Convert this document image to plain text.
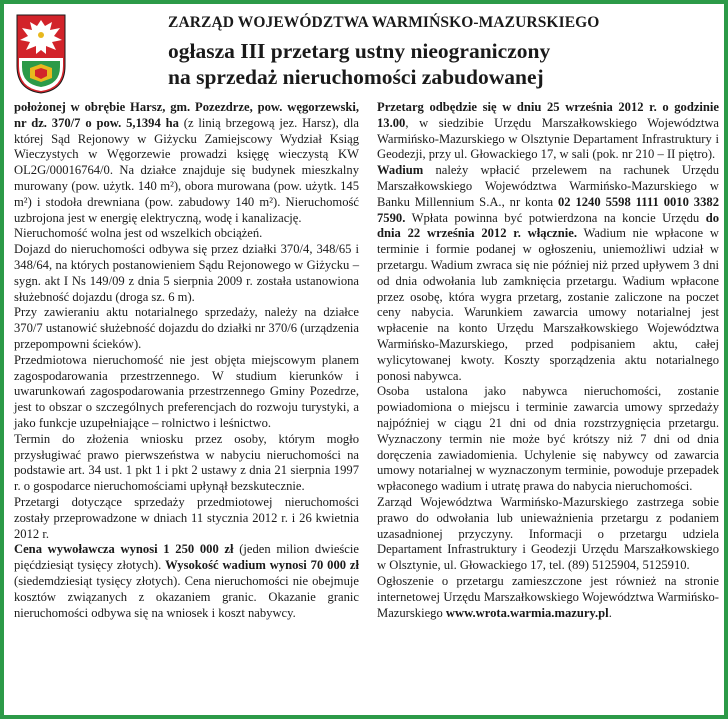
ZARZĄD WOJEWÓDZTWA WARMIŃSKO-MAZURSKIEGO
ogłasza III przetarg ustny nieograniczony
na sprzedaż nieruchomości zabudowanej

położonej w obrębie Harsz, gm. Pozezdrze, pow. węgorzewski, nr dz. 370/7 o pow. 5,1394 ha (z linią brzegową jez. Harsz), dla której Sąd Rejonowy w Giżycku Zamiejscowy Wydział Ksiąg Wieczystych w Węgorzewie prowadzi księgę wieczystą KW OL2G/00016764/0. Na działce znajduje się budynek mieszkalny murowany (pow. użytk. 140 m²), obora murowana (pow. użytk. 145 m²) i stodoła drewniana (pow. zabudowy 140 m²). Nieruchomość uzbrojona jest w energię elektryczną, wodę i kanalizację.

Nieruchomość wolna jest od wszelkich obciążeń.

Dojazd do nieruchomości odbywa się przez działki 370/4, 348/65 i 348/64, na których postanowieniem Sądu Rejonowego w Giżycku – sygn. akt I Ns 149/09 z dnia 5 sierpnia 2009 r. została ustanowiona służebność dojazdu (droga sz. 6 m).

Przy zawieraniu aktu notarialnego sprzedaży, należy na działce 370/7 ustanowić służebność dojazdu do działki nr 370/6 (urządzenia przepompowni ścieków).

Przedmiotowa nieruchomość nie jest objęta miejscowym planem zagospodarowania przestrzennego. W studium kierunków i uwarunkowań zagospodarowania przestrzennego Gminy Pozedrze, jest to obszar o szczególnych preferencjach do rozwoju turystyki, a jako funkcje uzupełniające – rolnictwo i leśnictwo.

Termin do złożenia wniosku przez osoby, którym mogło przysługiwać prawo pierwszeństwa w nabyciu nieruchomości na podstawie art. 34 ust. 1 pkt 1 i pkt 2 ustawy z dnia 21 sierpnia 1997 r. o gospodarce nieruchomościami upłynął bezskutecznie.

Przetargi dotyczące sprzedaży przedmiotowej nieruchomości zostały przeprowadzone w dniach 11 stycznia 2012 r. i 26 kwietnia 2012 r.

Cena wywoławcza wynosi 1 250 000 zł (jeden milion dwieście pięćdziesiąt tysięcy złotych). Wysokość wadium wynosi 70 000 zł (siedemdziesiąt tysięcy złotych). Cena nieruchomości nie obejmuje kosztów związanych z okazaniem granic. Okazanie granic nieruchomości odbywa się na wniosek i koszt nabywcy.

Przetarg odbędzie się w dniu 25 września 2012 r. o godzinie 13.00, w siedzibie Urzędu Marszałkowskiego Województwa Warmińsko-Mazurskiego w Olsztynie Departament Infrastruktury i Geodezji, przy ul. Głowackiego 17, w sali (pok. nr 210 – II piętro).

Wadium należy wpłacić przelewem na rachunek Urzędu Marszałkowskiego Województwa Warmińsko-Mazurskiego w Banku Millennium S.A., nr konta 02 1240 5598 1111 0010 3382 7590. Wpłata powinna być potwierdzona na koncie Urzędu do dnia 22 września 2012 r. włącznie. Wadium nie wpłacone w terminie i formie podanej w ogłoszeniu, uniemożliwi udział w przetargu. Wadium zwraca się nie później niż przed upływem 3 dni od dnia odwołania lub zamknięcia przetargu. Wadium wpłacone przez osobę, która wygra przetarg, zostanie zaliczone na poczet ceny nabycia. Warunkiem zawarcia umowy notarialnej jest wpłacenie na konto Urzędu Marszałkowskiego Województwa Warmińsko-Mazurskiego, przed podpisaniem aktu, całej wylicytowanej kwoty. Koszty sporządzenia aktu notarialnego ponosi nabywca.

Osoba ustalona jako nabywca nieruchomości, zostanie powiadomiona o miejscu i terminie zawarcia umowy sprzedaży najpóźniej w ciągu 21 dni od dnia rozstrzygnięcia przetargu. Wyznaczony termin nie może być krótszy niż 7 dni od dnia doręczenia zawiadomienia. Uchylenie się nabywcy od zawarcia umowy notarialnej w wyznaczonym terminie, powoduje przepadek wpłaconego wadium i utratę prawa do nabycia nieruchomości.

Zarząd Województwa Warmińsko-Mazurskiego zastrzega sobie prawo do odwołania lub unieważnienia przetargu z podaniem uzasadnionej przyczyny. Informacji o przetargu udziela Departament Infrastruktury i Geodezji Urzędu Marszałkowskiego w Olsztynie, ul. Głowackiego 17, tel. (89) 5125904, 5125910.

Ogłoszenie o przetargu zamieszczone jest również na stronie internetowej Urzędu Marszałkowskiego Województwa Warmińsko-Mazurskiego www.wrota.warmia.mazury.pl.
